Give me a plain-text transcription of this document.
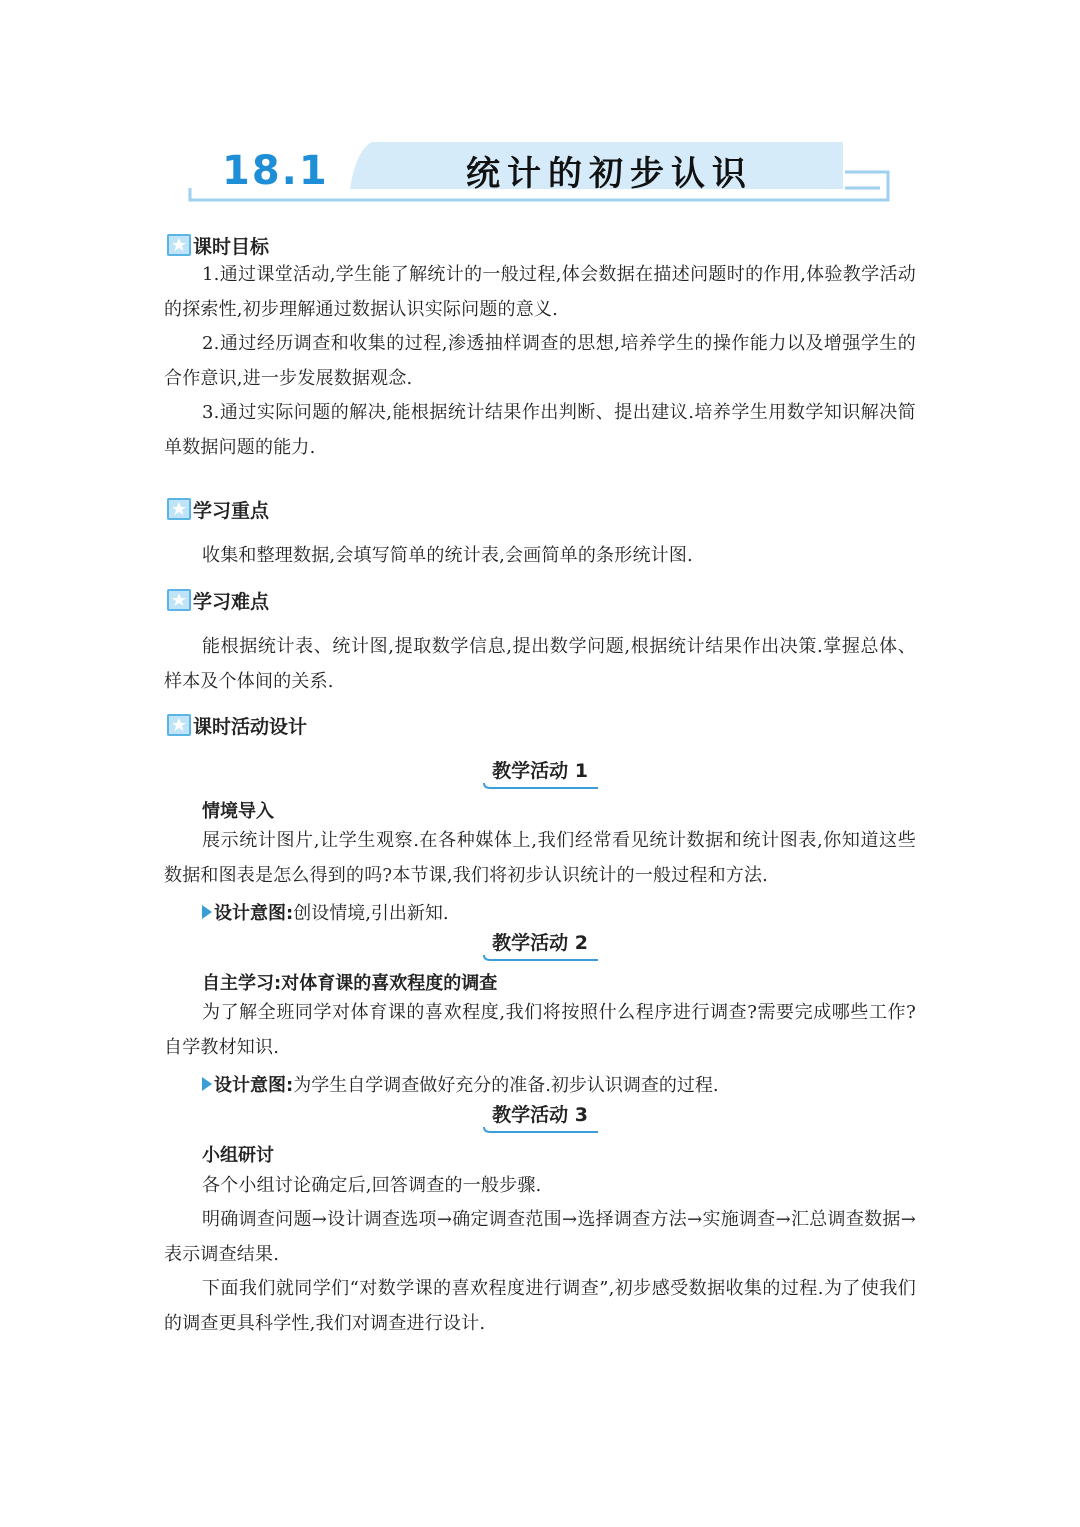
18.1	统计的初步认识
课时目标

1.通过课堂活动,学生能了解统计的一般过程,体会数据在描述问题时的作用,体验教学活动的探索性,初步理解通过数据认识实际问题的意义.

2.通过经历调查和收集的过程,渗透抽样调查的思想,培养学生的操作能力以及增强学生的合作意识,进一步发展数据观念.

3.通过实际问题的解决,能根据统计结果作出判断、提出建议.培养学生用数学知识解决简单数据问题的能力.

学习重点

收集和整理数据,会填写简单的统计表,会画简单的条形统计图.

学习难点

能根据统计表、统计图,提取数学信息,提出数学问题,根据统计结果作出决策.掌握总体、样本及个体间的关系.

课时活动设计
教学活动 1
情境导入

展示统计图片,让学生观察.在各种媒体上,我们经常看见统计数据和统计图表,你知道这些数据和图表是怎么得到的吗?本节课,我们将初步认识统计的一般过程和方法.

设计意图: 创设情境,引出新知.
教学活动 2
自主学习:对体育课的喜欢程度的调查

为了解全班同学对体育课的喜欢程度,我们将按照什么程序进行调查?需要完成哪些工作?自学教材知识.

设计意图: 为学生自学调查做好充分的准备.初步认识调查的过程.
教学活动 3
小组研讨

各个小组讨论确定后,回答调查的一般步骤.

明确调查问题→设计调查选项→确定调查范围→选择调查方法→实施调查→汇总调查数据→表示调查结果.

下面我们就同学们“对数学课的喜欢程度进行调查”,初步感受数据收集的过程.为了使我们的调查更具科学性,我们对调查进行设计.
